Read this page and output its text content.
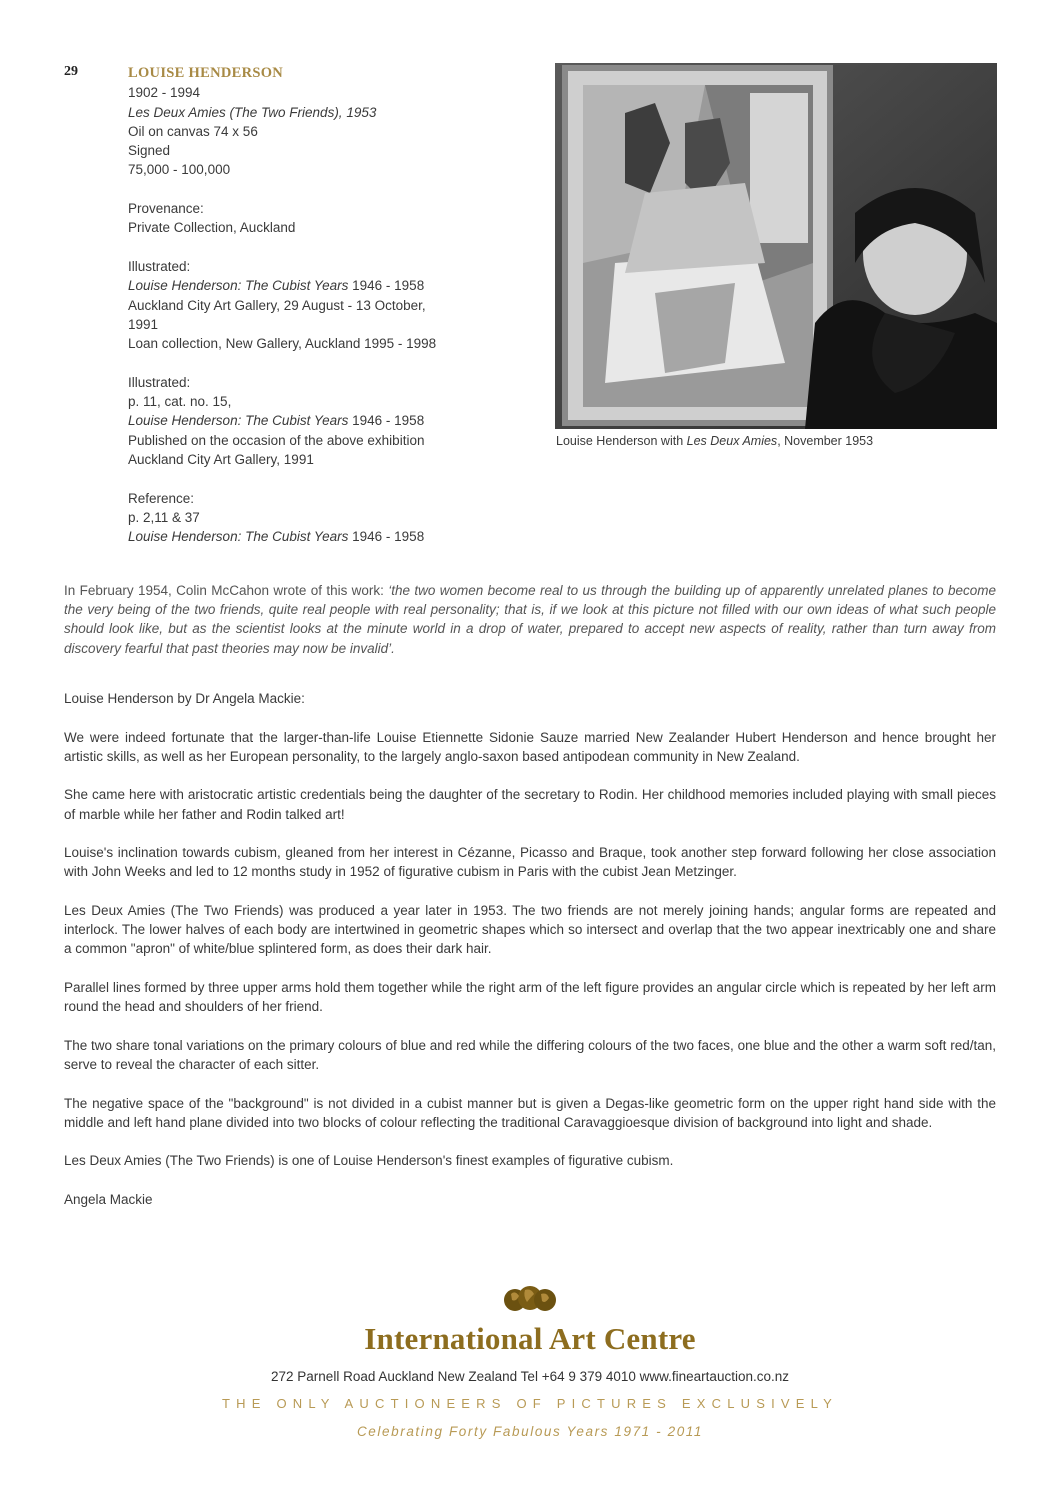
29	LOUISE HENDERSON
1902 - 1994
Les Deux Amies (The Two Friends), 1953
Oil on canvas 74 x 56
Signed
75,000 - 100,000
Provenance:
Private Collection, Auckland
Illustrated:
Louise Henderson: The Cubist Years 1946 - 1958
Auckland City Art Gallery, 29 August - 13 October,
1991
Loan collection, New Gallery, Auckland 1995 - 1998
Illustrated:
p. 11, cat. no. 15,
Louise Henderson: The Cubist Years 1946 - 1958
Published on the occasion of the above exhibition
Auckland City Art Gallery, 1991
Reference:
p. 2,11 & 37
Louise Henderson: The Cubist Years 1946 - 1958
Louise Henderson with Les Deux Amies, November 1953
In February 1954, Colin McCahon wrote of this work: ‘the two women become real to us through the building up of apparently unrelated planes to become the very being of the two friends, quite real people with real personality; that is, if we look at this picture not filled with our own ideas of what such people should look like, but as the scientist looks at the minute world in a drop of water, prepared to accept new aspects of reality, rather than turn away from discovery fearful that past theories may now be invalid’.

Louise Henderson by Dr Angela Mackie:

We were indeed fortunate that the larger-than-life Louise Etiennette Sidonie Sauze married New Zealander Hubert Henderson and hence brought her artistic skills, as well as her European personality, to the largely anglo-saxon based antipodean community in New Zealand.

She came here with aristocratic artistic credentials being the daughter of the secretary to Rodin. Her childhood memories included playing with small pieces of marble while her father and Rodin talked art!

Louise's inclination towards cubism, gleaned from her interest in Cézanne, Picasso and Braque, took another step forward following her close association with John Weeks and led to 12 months study in 1952 of figurative cubism in Paris with the cubist Jean Metzinger.

Les Deux Amies (The Two Friends) was produced a year later in 1953. The two friends are not merely joining hands; angular forms are repeated and interlock. The lower halves of each body are intertwined in geometric shapes which so intersect and overlap that the two appear inextricably one and share a common "apron" of white/blue splintered form, as does their dark hair.

Parallel lines formed by three upper arms hold them together while the right arm of the left figure provides an angular circle which is repeated by her left arm round the head and shoulders of her friend.

The two share tonal variations on the primary colours of blue and red while the differing colours of the two faces, one blue and the other a warm soft red/tan, serve to reveal the character of each sitter.

The negative space of the "background" is not divided in a cubist manner but is given a Degas-like geometric form on the upper right hand side with the middle and left hand plane divided into two blocks of colour reflecting the traditional Caravaggioesque division of background into light and shade.

Les Deux Amies (The Two Friends) is one of Louise Henderson's finest examples of figurative cubism.

Angela Mackie

International Art Centre
272 Parnell Road Auckland New Zealand Tel +64 9 379 4010 www.fineartauction.co.nz
THE ONLY AUCTIONEERS OF PICTURES EXCLUSIVELY
Celebrating Forty Fabulous Years 1971 - 2011
